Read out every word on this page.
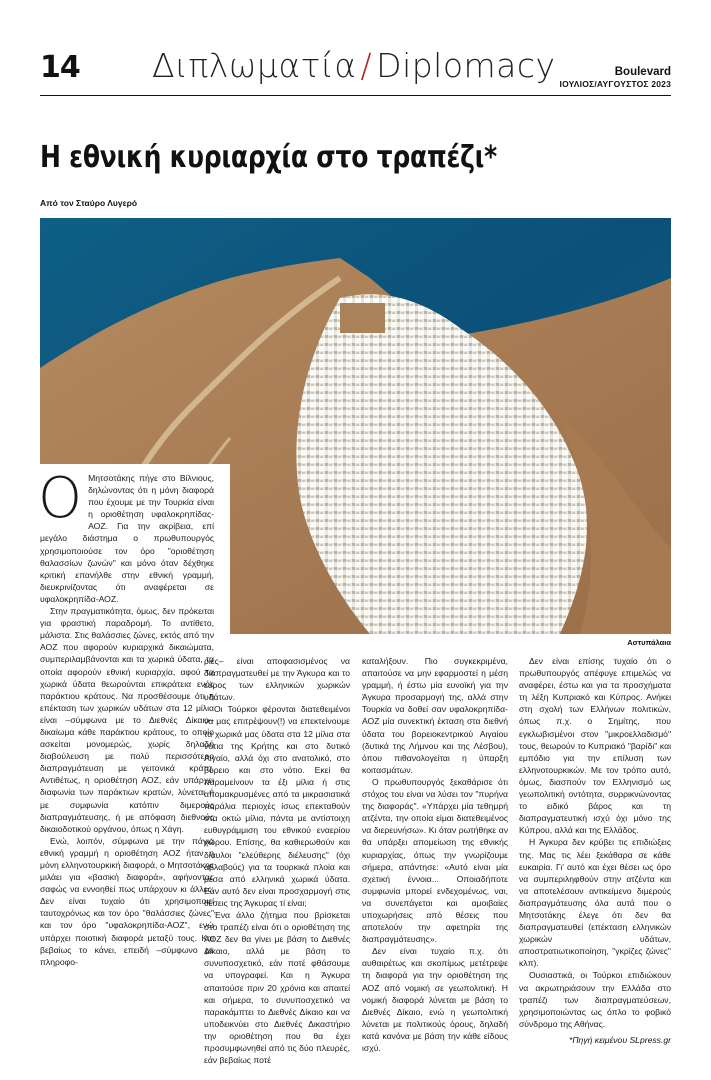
14 Διπλωματία / Diplomacy	Boulevard
ΙΟΥΛΙΟΣ/ΑΥΓΟΥΣΤΟΣ 2023
Η εθνική κυριαρχία στο τραπέζι*
Από τον Σταύρο Λυγερό
Αστυπάλαια

Ο Μητσοτάκης πήγε στο Βίλνιους, δηλώνοντας ότι η μόνη διαφορά που έχουμε με την Τουρκία είναι η οριοθέτηση υφαλοκρηπίδας-ΑΟΖ. Για την ακρίβεια, επί μεγάλο διάστημα ο πρωθυπουργός χρησιμοποιούσε τον όρο "οριοθέτηση θαλασσίων ζωνών" και μόνο όταν δέχθηκε κριτική επανήλθε στην εθνική γραμμή, διευκρινίζοντας ότι αναφέρεται σε υφαλοκρηπίδα-ΑΟΖ.

Στην πραγματικότητα, όμως, δεν πρόκειται για φραστική παραδρομή. Το αντίθετο, μάλιστα. Στις θαλάσσιες ζώνες, εκτός από την ΑΟΖ που αφορούν κυριαρχικά δικαιώματα, συμπεριλαμβάνονται και τα χωρικά ύδατα, τα οποία αφορούν εθνική κυριαρχία, αφού τα χωρικά ύδατα θεωρούνται επικράτεια ενός παράκτιου κράτους. Να προσθέσουμε ότι η επέκταση των χωρικών υδάτων στα 12 μίλια είναι –σύμφωνα με το Διεθνές Δίκαιο– δικαίωμα κάθε παράκτιου κράτους, το οποίο ασκείται μονομερώς, χωρίς δηλαδή διαβούλευση με πολύ περισσότερο διαπραγμάτευση με γειτονικά κράτη. Αντιθέτως, η οριοθέτηση ΑΟΖ, εάν υπάρχει διαφωνία των παράκτιων κρατών, λύνεται ή με συμφωνία κατόπιν διμερούς διαπραγμάτευσης, ή με απόφαση διεθνούς δικαιοδοτικού οργάνου, όπως η Χάγη.

Ενώ, λοιπόν, σύμφωνα με την πάγια εθνική γραμμή η οριοθέτηση ΑΟΖ ήταν η μόνη ελληνοτουρκική διαφορά, ο Μητσοτάκης μιλάει για «βασική διαφορά», αφήνοντας σαφώς να εννοηθεί πως υπάρχουν κι άλλες. Δεν είναι τυχαίο ότι χρησιμοποιεί ταυτοχρόνως και τον όρο "θαλάσσιες ζώνες" και τον όρο "υφαλοκρηπίδα-ΑΟΖ", ενώ υπάρχει ποιοτική διαφορά μεταξύ τους. Και βεβαίως το κάνει, επειδή –σύμφωνο με πληροφο-

ρίες– είναι αποφασισμένος να διαπραγματευθεί με την Άγκυρα και το εύρος των ελληνικών χωρικών υδάτων.

Οι Τούρκοι φέρονται διατεθειμένοι να μας επιτρέψουν(!) να επεκτείνουμε τα χωρικά μας ύδατα στα 12 μίλια στα νότια της Κρήτης και στο δυτικό Αιγαίο, αλλά όχι στο ανατολικό, στο βόρειο και στο νότιο. Εκεί θα παραμείνουν τα έξι μίλια ή στις απομακρυσμένες από τα μικρασιατικά παράλια περιοχές ίσως επεκταθούν στα οκτώ μίλια, πάντα με αντίστοιχη ευθυγράμμιση του εθνικού εναερίου χώρου. Επίσης, θα καθιερωθούν και δίαυλοι "ελεύθερης διέλευσης" (όχι αβλαβούς) για τα τουρκικά πλοία και μέσα από ελληνικά χωρικά ύδατα. Εάν αυτό δεν είναι προσχαρμογή στις θέσεις της Άγκυρας τί είναι;

Ένα άλλο ζήτημα που βρίσκεται στο τραπέζι είναι ότι ο οριοθέτηση της ΑΟΖ δεν θα γίνει με βάση το Διεθνές Δίκαιο, αλλά με βάση το συνυποσχετικό, εάν ποτέ φθάσουμε να υπογραφεί. Και η Άγκυρα απαιτούσε πριν 20 χρόνια και απαιτεί και σήμερα, το συνυποσχετικό να παρακάμπτει το Διεθνές Δίκαιο και να υποδεικνύει στο Διεθνές Δικαστήριο την οριοθέτηση που θα έχει προσυμφωνηθεί από τις δύο πλευρές, εάν βεβαίως ποτέ

καταλήξουν. Πιο συγκεκριμένα, απαιτούσε να μην εφαρμοστεί η μέση γραμμή, ή έστω μία ευνοϊκή για την Άγκυρα προσαρμογή της, αλλά στην Τουρκία να δοθεί σαν υφαλοκρηπίδα-ΑΟΖ μία συνεκτική έκταση στα διεθνή ύδατα του βορειοκεντρικού Αιγαίου (δυτικά της Λήμνου και της Λέσβου), όπου πιθανολογείται η ύπαρξη κοιτασμάτων.

Ο πρωθυπουργός ξεκαθάρισε ότι στόχος του είναι να λύσει τον "πυρήνα της διαφοράς". «Υπάρχει μία τεθημρή ατζέντα, την οποία είμαι διατεθειμένος να διερευνήσω». Κι όταν ρωτήθηκε αν θα υπάρξει απομείωση της εθνικής κυριαρχίας, όπως την γνωρίζουμε σήμερα, απάντησε: «Αυτό είναι μία σχετική έννοια... Οποιαδήποτε συμφωνία μπορεί ενδεχομένως, ναι, να συνεπάγεται και αμοιβαίες υποχωρήσεις από θέσεις που αποτελούν την αφετηρία της διαπραγμάτευσης».

Δεν είναι τυχαίο π.χ. ότι αυθαιρέτως και σκοπίμως μετέτρεψε τη διαφορά για την οριοθέτηση της ΑΟΖ από νομική σε γεωπολιτική. Η νομική διαφορά λύνεται με βάση το Διεθνές Δίκαιο, ενώ η γεωπολιτική λύνεται με πολιτικούς όρους, δηλαδή κατά κανόνα με βάση την κάθε είδους ισχύ.

Δεν είναι επίσης τυχαίο ότι ο πρωθυπουργός απέφυγε επιμελώς να αναφέρει, έστω και για τα προσχήματα τη λέξη Κυπριακό και Κύπρος. Ανήκει στη σχολή των Ελλήνων πολιτικών, όπως π.χ. ο Σημίτης, που εγκλωβισμένοι στον "μικροελλαδισμό" τους, θεωρούν το Κυπριακό "βαρίδι" και εμπόδιο για την επίλυση των ελληνοτουρκικών. Με τον τρόπο αυτό, όμως, διασπούν τον Ελληνισμό ως γεωπολιτική οντότητα, συρρικνώνοντας το ειδικό βάρος και τη διαπραγματευτική ισχύ όχι μόνο της Κύπρου, αλλά και της Ελλάδος.

Η Άγκυρα δεν κρύβει τις επιδιώξεις της. Μας τις λέει ξεκάθαρα σε κάθε ευκαιρία. Γι' αυτό και έχει θέσει ως όρο να συμπεριληφθούν στην ατζέντα και να αποτελέσουν αντικείμενο διμερούς διαπραγμάτευσης όλα αυτά που ο Μητσοτάκης έλεγε ότι δεν θα διαπραγματευθεί (επέκταση ελληνικών χωρικών υδάτων, αποστρατιωτικοποίηση, "γκρίζες ζώνες" κλπ).

Ουσιαστικά, οι Τούρκοι επιδιώκουν να ακρωτηριάσουν την Ελλάδα στο τραπέζι των διαπραγματεύσεων, χρησιμοποιώντας ως όπλο το φοβικό σύνδρομο της Αθήνας.

*Πηγή κειμένου SLpress.gr
